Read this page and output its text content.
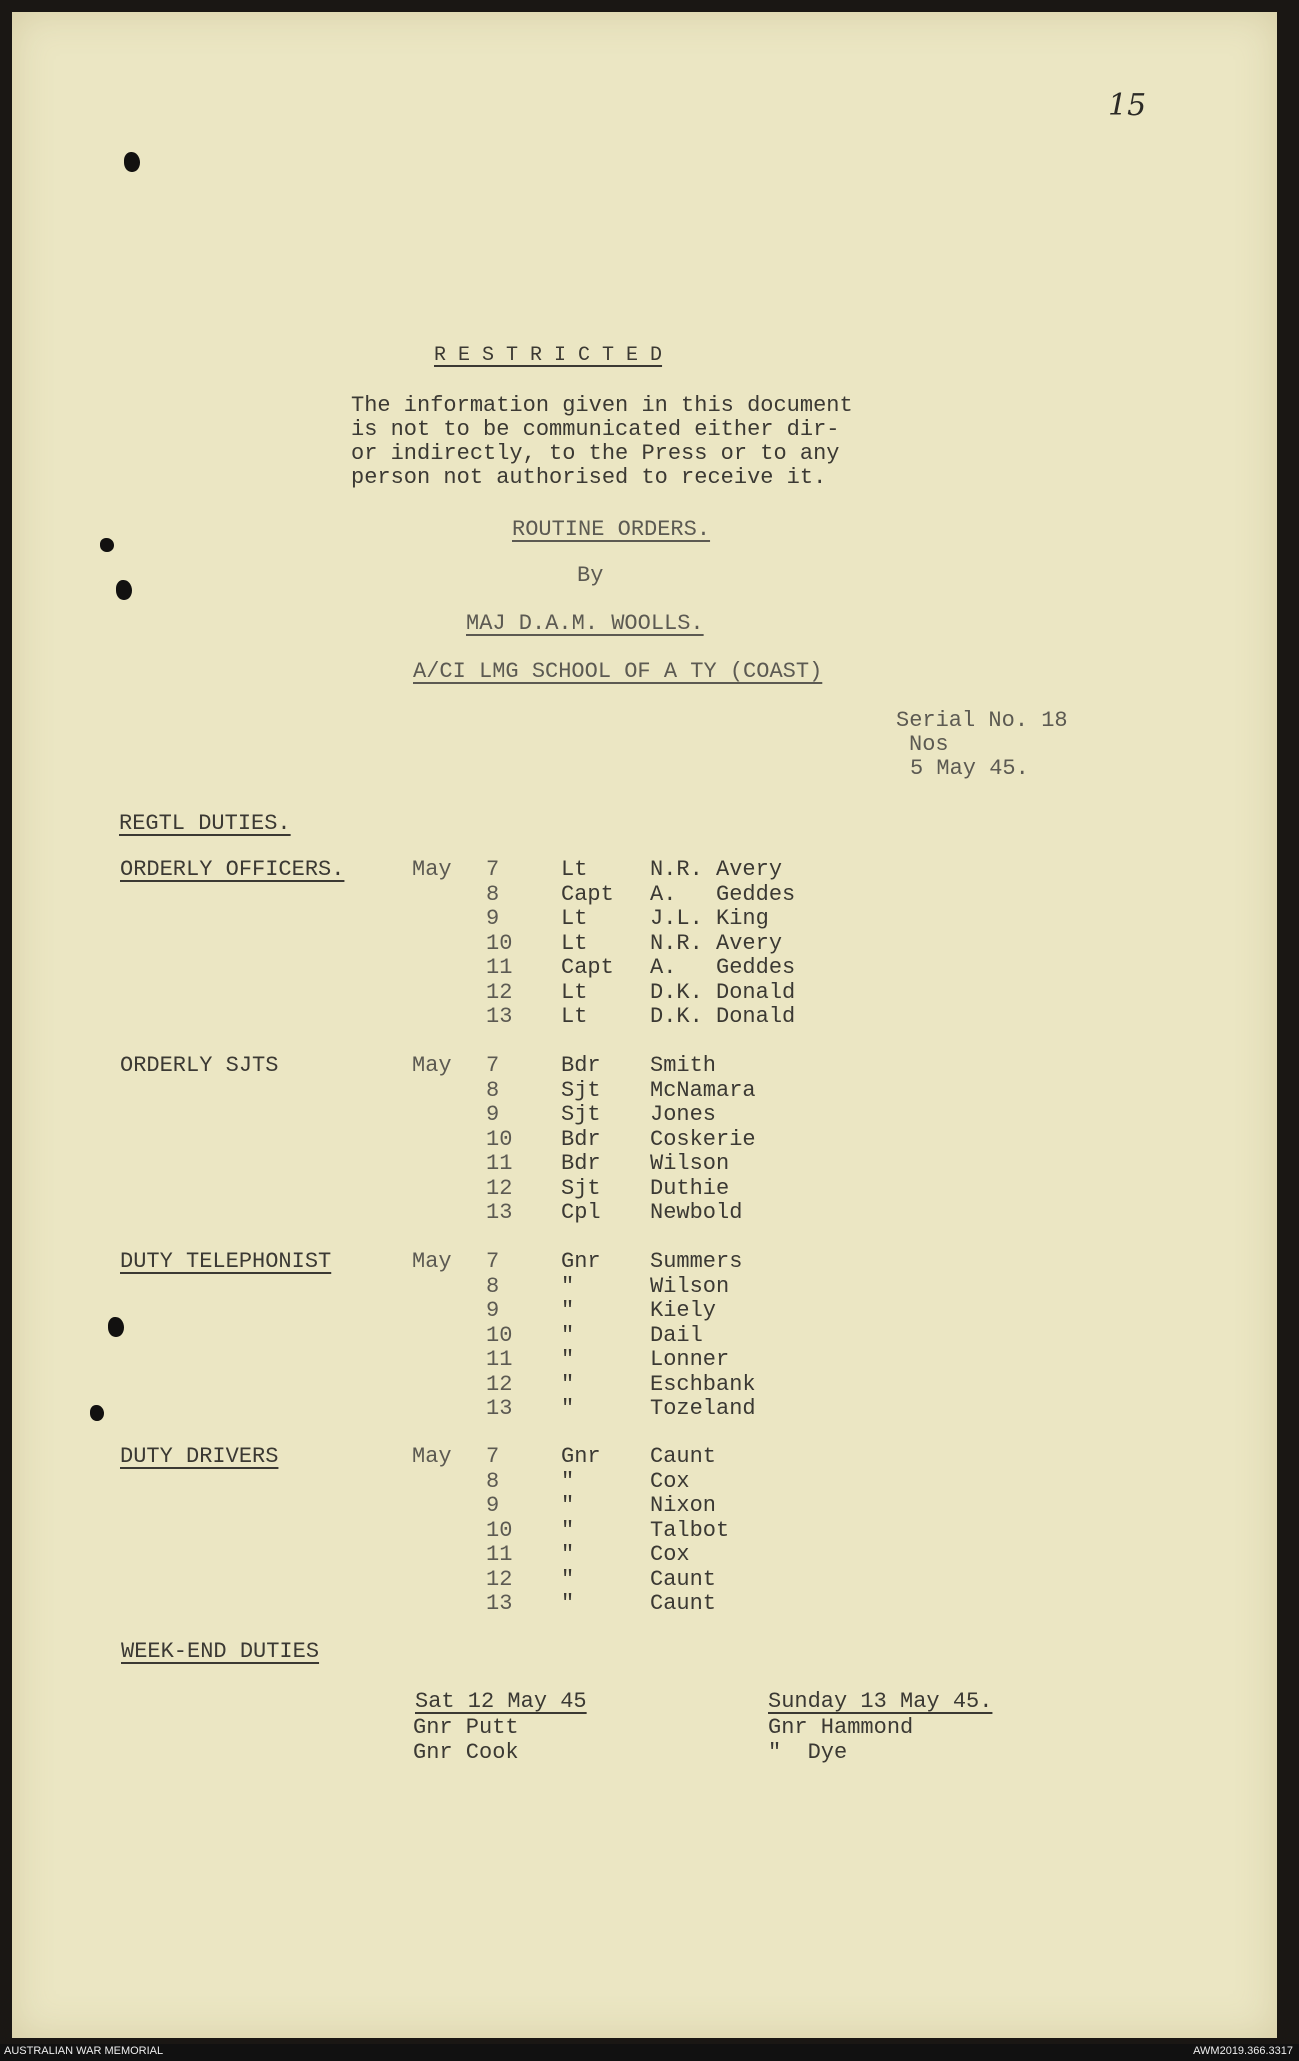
15
R E S T R I C T E D
The information given in this document
is not to be communicated either dir-
or indirectly, to the Press or to any
person not authorised to receive it.
ROUTINE ORDERS.
By
MAJ D.A.M. WOOLLS.
A/CI LMG SCHOOL OF A TY (COAST)
Serial No. 18
Nos
5 May 45.
REGTL DUTIES.
ORDERLY OFFICERS.	May 7	Lt	N.R. Avery
8	Capt A.   Geddes
9	Lt	J.L. King
10 Lt	N.R. Avery
11 Capt A.   Geddes
12 Lt	D.K. Donald
13 Lt	D.K. Donald
ORDERLY SJTS	May 7	Bdr Smith
8	Sjt McNamara
9	Sjt Jones
10 Bdr Coskerie
11 Bdr Wilson
12 Sjt Duthie
13 Cpl Newbold
DUTY TELEPHONIST	May 7	Gnr Summers
8	"	Wilson
9	"	Kiely
10 "	Dail
11 "	Lonner
12 "	Eschbank
13 "	Tozeland
DUTY DRIVERS	May 7	Gnr Caunt
8	"	Cox
9	"	Nixon
10 "	Talbot
11 "	Cox
12 "	Caunt
13 "	Caunt
WEEK-END DUTIES
Sat 12 May 45
Gnr Putt
Gnr Cook
Sunday 13 May 45.
Gnr Hammond
"  Dye
AUSTRALIAN WAR MEMORIAL	AWM2019.366.3317
